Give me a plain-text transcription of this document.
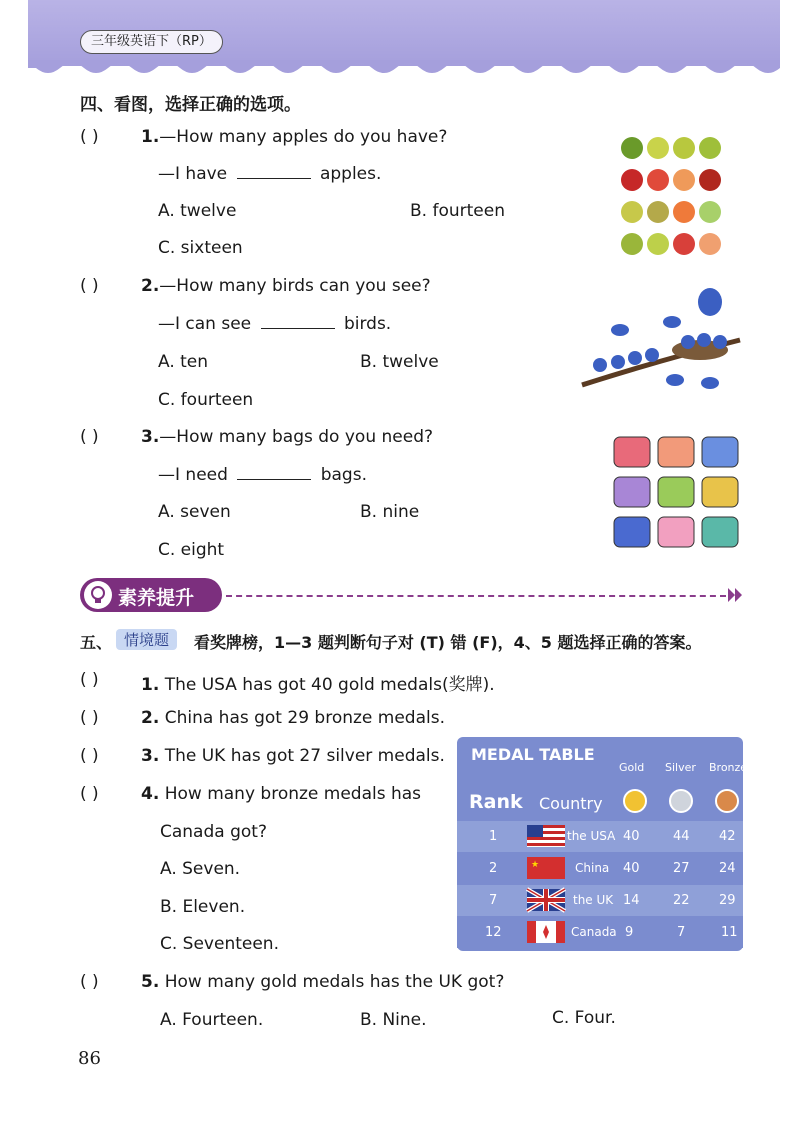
三年级英语下（RP）
四、看图，选择正确的选项。
( ) 1.—How many apples do you have?
—I have	apples.
A. twelve	B. fourteen
C. sixteen
( ) 2.—How many birds can you see?
—I can see	birds.
A. ten	B. twelve
C. fourteen
( ) 3.—How many bags do you need?
—I need	bags.
A. seven	B. nine
C. eight
素养提升
五、 情境题	看奖牌榜，1—3 题判断句子对 (T) 错 (F)，4、5 题选择正确的答案。
( ) 1. The USA has got 40 gold medals(奖牌).
( ) 2. China has got 29 bronze medals.
( ) 3. The UK has got 27 silver medals.
( ) 4. How many bronze medals has
Canada got?
A. Seven.
B. Eleven.
C. Seventeen.
( ) 5. How many gold medals has the UK got?
A. Fourteen.	B. Nine.	C. Four.
MEDAL TABLE
Gold Silver Bronze
Rank Country
1	the USA 40	44 42
2	★	China 40	27 24
7	the UK 14	22 29
12	Canada 9	7	11
86
